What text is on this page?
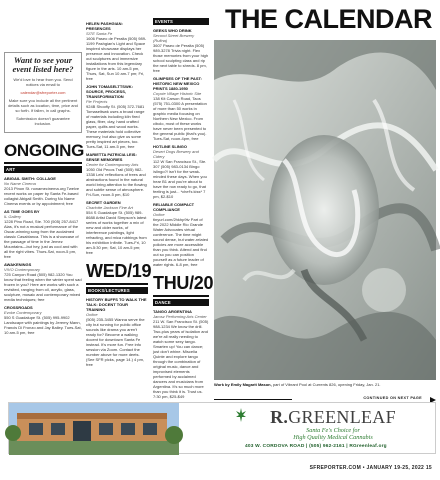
THE CALENDAR
Want to see your event listed here?

We'd love to hear from you. Send notices via email to

calendar@sfreporter.com

Make sure you include all the pertinent details such as location, time, price and so forth. If fallen, in call graphs.

Submission doesn't guarantee inclusion.

ONGOING
ART
ABIGAIL SMITH: COLLAGE
No Name Cinema
2013 Pinon St. nonamecinema.org Twelve recent works on paper by Santa Fe-based collagist Abigail Smith. During No Name Cinema events or by appointment; free
AS TIME GOES BY
IL Gallery
1228 Pino Road, Ste. 700 (505) 257-8417 Alas, it's not a musical performance of the Oscar-winning song from the acclaimed classic Casablanca. This is a showcase of the passage of time in the Jemez Mountains—but hey, just as cool and with all the right vibes. Thurs-Sat, noon-5 pm, free
AWAKENINGS
VIVO Contemporary
725 Canyon Road (505) 982-1320 You know that feeling when the winter spent sad frozen in you? Here are works with such a revisited, ranging from oil, acrylic, glass, sculpture, mosaic and contemporary mixed media techniques; free
CROSSROADS
Evoke Contemporary
550 S Guadalupe St. (505) 995-9902 Landscape with paintings by Jeremy Mann, Francis Di Fronzo and Jay Bailey. Tues-Sat, 10 am-5 pm, free
HELEN PASHGIAN: PRESENCES
SITE Santa Fe
1606 Paseo de Peralta (505) 989-1199 Pashgian's Light and Space inspired showcase displays her presence and innovation. Check out sculptures and immersive installations from this legendary figure in the arts. 10 am-5 pm, Thurs, Sat, Sun 10 am-7 pm; Fri, free
JOHN TOMASELTTSWK: SOURCE, PROCESS, TRANSFORMATION
Pie Projects
924B Shoofly St. (505) 372-7681 Tomaseltswk uses a broad range of materials including kiln fired glass, fiber, clay, hand crafted paper, quilts and wood works. These materials hold collective memory, but also give us some pretty inspired art pieces, too. Tues-Sat, 11 am-5 pm, free
MARIETTA PATRICIA LEIS: SENSE MEMORIES
Center for Contemporary Arts
1050 Old Pecos Trail (505) 982-1338 Leis' reflections of trees and abstractions found in the natural world bring attention to the flowing and subtle sense of atmosphere. Fri-Sun, noon-5 pm, $10
SECRET GARDEN
Charlotte Jackson Fine Art
554 S Guadalupe St. (505) 989-8688 Artist David Simpson's latest series of works together a mix of new and older works, of interference paintings, light refracting, and mica rubbings from his exhibition Infinite. Tues-Fri, 10 am-5:30 pm; Sat, 10 am-5 pm; free
WED/19
BOOKS/LECTURES
HISTORY BUFFS TO WALK THE TALK: DOCENT TOUR TRAINING
Online
(505) 235-3455 Wanna serve the city but running for public office sounds like drama you aren't ready for? Become a walking docent for downtown Santa Fe instead. It's more fun. Free info session via Zoom. Contact the number above for more deets. (See SFR picks, page 14.) 4 pm, free
EVENTS
GEEKS WHO DRINK
Second Street Brewery (Rufina)
3607 Paseo de Peralta (505) 989-3278 Trivia night. Flex those memories from your high school sculpting class and rip the next table to shreds. 8 pm, free
GLIMPSES OF THE PAST: HISTORIC NEW MEXICO PRINTS 1880-1950
Coyote Village Historic Site
138 Kit Carson Road, Taos (575) 751-0300 A presentation of more than 50 works in graphic media focusing on Northern New Mexico. From cibolo, most of these works have never been presented to the general public (that's you). Tues-Sat, noon-4pm, free
HOTLINE SLINGO
Desert Dogs Brewery and Cidery
112 W San Francisco St., Ste. 307 (505) 983-0134 Bingo /slingo?/ isn't for the weak-minded these days. When you hear B1 and you're about to have the row ready to go, that feeling is just... *chef's kiss* 7 pm, $2-$10
RELIABLE COMPACT COMPLIANCE
Online
tinyurl.com/2hkhp9tv Part of the 2022 Middle Rio Grande Water Advocates virtual conference. The time might sound dense, but water-related policies are more accessible than you think. Attend and find out so you can position yourself as a future leader of water rights. 6-8 pm, free
THU/20
DANCE
TANGO ARGENTINA
Jarosz Performing Arts Center
211 W. San Francisco St. (505) 988-1234 We know the drill. Two-plus years of isolation and we're all really needing to watch some sexy tango. Smarten up! You can dance; just don't whine. Miscelia Quinte and explore tango through the combination of original music, dance and improvised elements performed by acclaimed dancers and musicians from Argentina. It's so much more than you think it is. Trust us. 7:30 pm, $25-$49
Work by Emily Magarit Mason, part of Vibrant Pool at Currents 826, opening Friday, Jan. 21.
CONTINUED ON NEXT PAGE
R.GREENLEAF
Santa Fe's Choice for
High Quality Medical Cannabis
403 W. CORDOVA ROAD | (505) 962-2161 | RGreenleaf.org
SFREPORTER.COM • JANUARY 19-25, 2022 15
